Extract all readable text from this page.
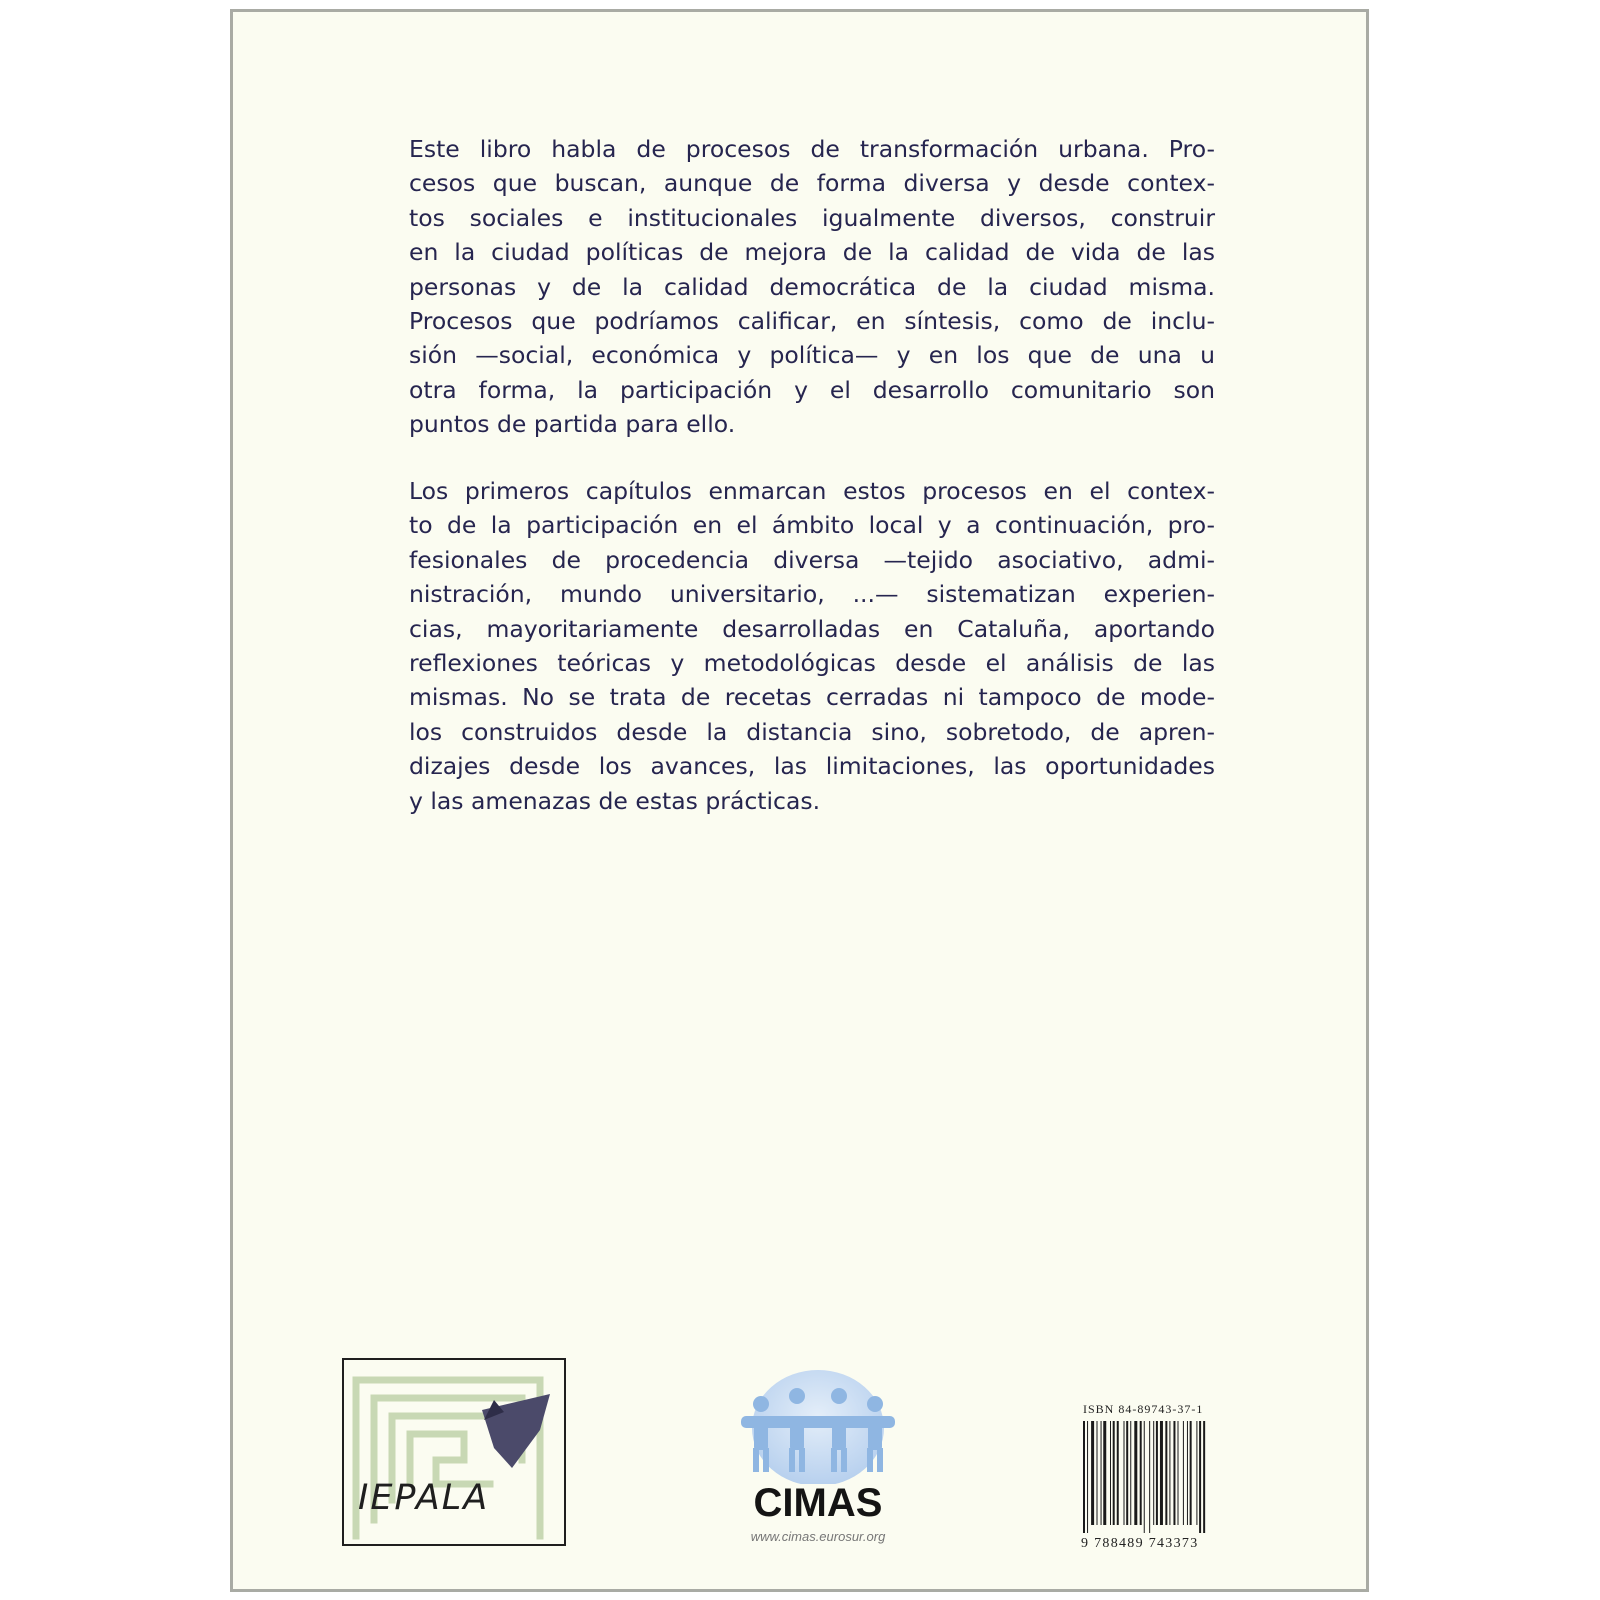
Este libro habla de procesos de transformación urbana. Pro-
cesos que buscan, aunque de forma diversa y desde contex-
tos sociales e institucionales igualmente diversos, construir
en la ciudad políticas de mejora de la calidad de vida de las
personas y de la calidad democrática de la ciudad misma.
Procesos que podríamos calificar, en síntesis, como de inclu-
sión —social, económica y política— y en los que de una u
otra forma, la participación y el desarrollo comunitario son
puntos de partida para ello.
Los primeros capítulos enmarcan estos procesos en el contex-
to de la participación en el ámbito local y a continuación, pro-
fesionales de procedencia diversa —tejido asociativo, admi-
nistración, mundo universitario, ...— sistematizan experien-
cias, mayoritariamente desarrolladas en Cataluña, aportando
reflexiones teóricas y metodológicas desde el análisis de las
mismas. No se trata de recetas cerradas ni tampoco de mode-
los construidos desde la distancia sino, sobretodo, de apren-
dizajes desde los avances, las limitaciones, las oportunidades
y las amenazas de estas prácticas.
IEPALA	CIMAS
www.cimas.eurosur.org
ISBN 84-89743-37-1
9 788489 743373
